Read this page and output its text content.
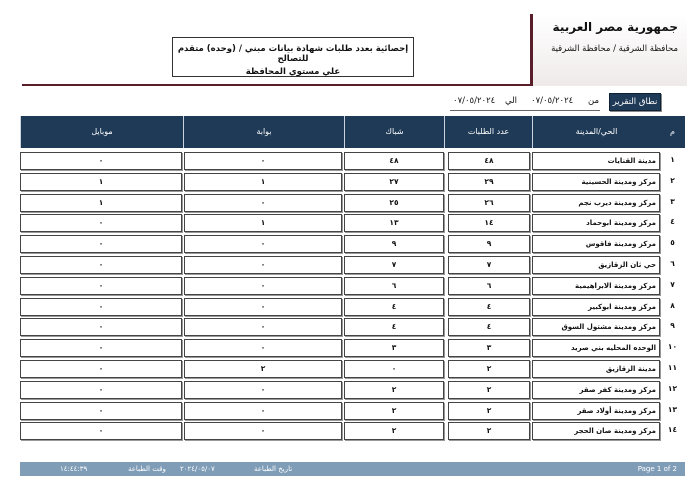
جمهورية مصر العربية
محافظة الشرقية / محافظة الشرقية
إحصائية بعدد طلبات شهادة بيانات مبني / (وحده) متقدم للتصالح
علي مستوي المحافظة
نطاق التقرير
من
٠٧/٠٥/٢٠٢٤
الي
٠٧/٠٥/٢٠٢٤
موبايل	بوابة	شباك	عدد الطلبات	الحي/المدينة	م
٠	٠	٤٨	٤٨	مدينة القنايات	١
١	١	٢٧	٢٩	مركز ومدينة الحسينية	٢
١	٠	٢٥	٢٦	مركز ومدينة ديرب نجم	٣
٠	١	١٣	١٤	مركز ومدينة ابوحماد	٤
٠	٠	٩	٩	مركز ومدينة فاقوس	٥
٠	٠	٧	٧	حي ثان الزقازيق	٦
٠	٠	٦	٦	مركز ومدينة الابراهيمية	٧
٠	٠	٤	٤	مركز ومدينة ابوكبير	٨
٠	٠	٤	٤	مركز ومدينة مشتول السوق	٩
٠	٠	٣	٣	الوحده المحليه بني صريد	١٠
٠	٢	٠	٢	مدينة الزقازيق	١١
٠	٠	٢	٢	مركز ومدينة كفر صقر	١٢
٠	٠	٢	٢	مركز ومدينة أولاد صقر	١٣
٠	٠	٢	٢	مركز ومدينة صان الحجر	١٤
Page 1 of 2
تاريخ الطباعة
٢٠٢٤/٠٥/٠٧
وقت الطباعة
١٤:٤٤:٣٩
